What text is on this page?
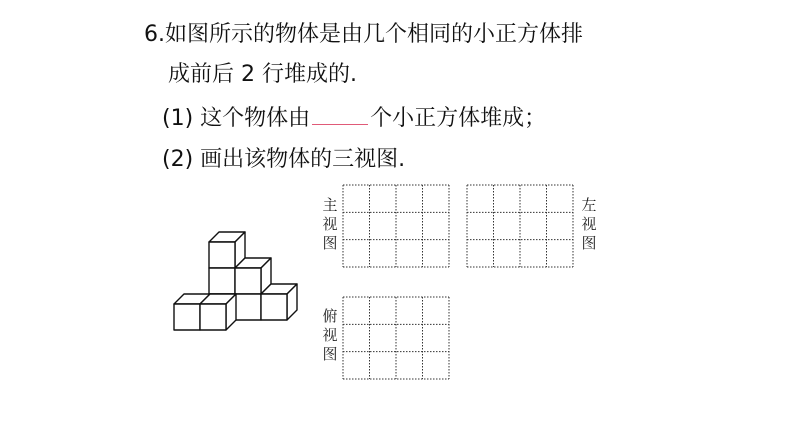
6.如图所示的物体是由几个相同的小正方体排
成前后 2 行堆成的.
(1) 这个物体由	个小正方体堆成；
(2) 画出该物体的三视图.
主
视
图
左
视
图
俯
视
图
